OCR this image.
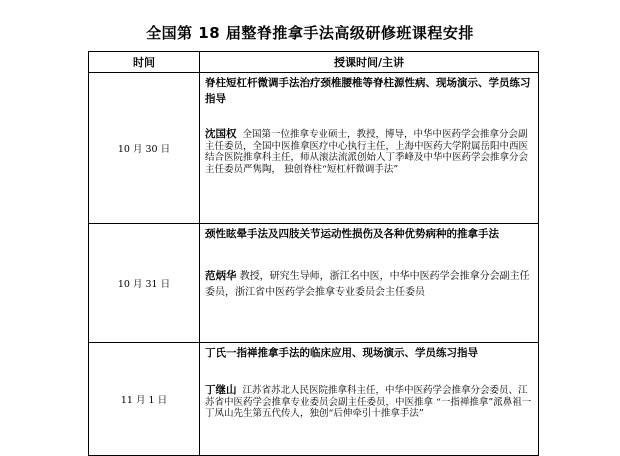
全国第 18 届整脊推拿手法高级研修班课程安排
时间	授课时间/主讲
10 月 30 日	脊柱短杠杆微调手法治疗颈椎腰椎等脊柱源性病、现场演示、学员练习指导
沈国权 全国第一位推拿专业硕士，教授，博导，中华中医药学会推拿分会副主任委员，全国中医推拿医疗中心执行主任，上海中医药大学附属岳阳中西医结合医院推拿科主任，师从滚法流派创始人丁季峰及中华中医药学会推拿分会主任委员严隽陶， 独创脊柱“短杠杆微调手法”

10 月 31 日	颈性眩晕手法及四肢关节运动性损伤及各种优势病种的推拿手法
范炳华 教授，研究生导师，浙江名中医，中华中医药学会推拿分会副主任委员，浙江省中医药学会推拿专业委员会主任委员

11 月 1 日	丁氏一指禅推拿手法的临床应用、现场演示、学员练习指导
丁继山 江苏省苏北人民医院推拿科主任，中华中医药学会推拿分会委员、江苏省中医药学会推拿专业委员会副主任委员，中医推拿 “一指禅推拿”派鼻祖一丁凤山先生第五代传人，独创“后伸牵引十推拿手法”
